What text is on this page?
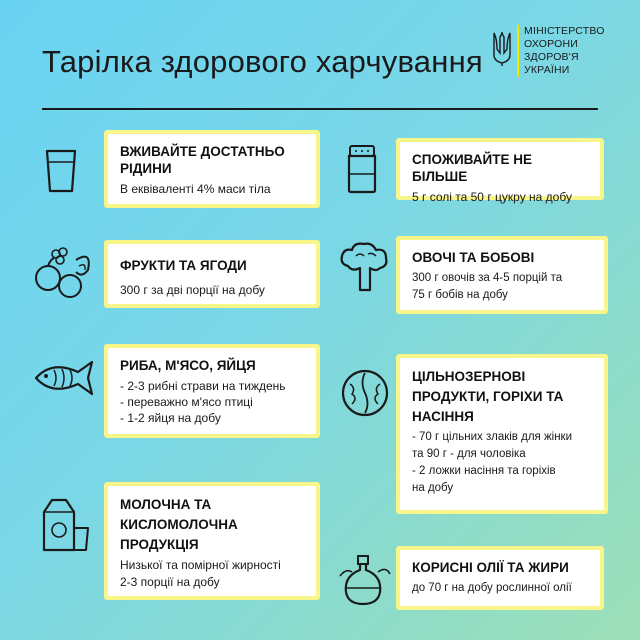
Тарілка здорового харчування
МІНІСТЕРСТВО
ОХОРОНИ
ЗДОРОВ'Я
УКРАЇНИ
ВЖИВАЙТЕ ДОСТАТНЬО РІДИНИ
В еквіваленті 4% маси тіла
ФРУКТИ ТА ЯГОДИ
300 г за дві порції на добу
РИБА, М'ЯСО, ЯЙЦЯ
- 2-3 рибні страви на тиждень
- переважно м'ясо птиці
- 1-2 яйця на добу
МОЛОЧНА ТА КИСЛОМОЛОЧНА ПРОДУКЦІЯ
Низької та помірної жирності
2-3 порції на добу
СПОЖИВАЙТЕ НЕ БІЛЬШЕ
5 г солі та 50 г цукру на добу
ОВОЧІ ТА БОБОВІ
300 г овочів за 4-5 порцій та
75 г бобів на добу
ЦІЛЬНОЗЕРНОВІ ПРОДУКТИ, ГОРІХИ ТА НАСІННЯ
- 70 г цільних злаків для жінки
та 90 г - для чоловіка
- 2 ложки насіння та горіхів
на добу
КОРИСНІ ОЛІЇ ТА ЖИРИ
до 70 г на добу рослинної олії
